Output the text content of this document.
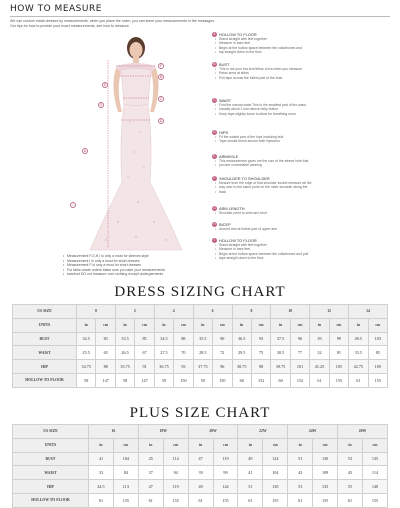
HOW TO MEASURE
We can custom made dresses by measurements, when you place the order, you can leave your measurements in the messages.
Our tips for how to provide your exact measurements, see how to measure.
A
B
C
D
E
F
G
I
A HOLLOW TO FLOOR
• Stand straight with feet together
• Measure in bare feet
• Begin at the hollow space between the collarbones and
• tap straight down to the floor
B BUST
• This is not your bra size!Wear a bra when you measure
• Relax arms at sides
• Pull tape across the fullest part of the bust
C WAIST
• Find the natural waist.This is the smallest part of the waist
• Usually about 1 inch above belly button
• Keep tape slightly loose to allow for breathing room
D HIPS
• Fit the widest part of the hips including butt
• Tape should brush across both hipbones
E ARMHOLE
• This measurement gives me the size of the sleeve hole that
• you are comfortable wearing
F SHOULDER TO SHOULDER
• Meaure from the edge of that shoulder socket measure all the
• way over to the same point on the other shoulder along the
• back
G ARM LENGTH
• Shoulder point to wrist arm bent
H BICEP
• Around arm at fullest part of upper arm
I	HOLLOW TO FLOOR
• Stand straight with feet together
• Measure in bare feet
• Begin at the hollow space between the collarbones and pull
• tape straight down to the floor
• Measurement F,G,H,I is only a must for sleeves style
• Measurement I is only a must for short dresses
• Measurement F is only a must for short dresses
• For tailor-made orders Make sure you take your measurements
• barefoot DO not measure over clothing except undergarments
DRESS SIZING CHART
US SIZE	0		2		4		6		8		10		12		14	
UNITS	in	cm	in	cm	in	cm	in	cm	in	cm	in	cm	in	cm	in	cm
BUST	32.5	83	33.5	85	34.5	88	35.5	90	36.5	93	37.5	96	39	99	40.5	103
WAIST	25.5	65	26.5	67	27.5	70	28.5	72	29.5	75	30.5	77	32	81	33.5	85
HIP	34.75	88	35.75	91	36.75	93	37.75	96	38.75	98	39.75	101	41.25	105	42.75	109
HOLLOW TO FLOOR	58	147	58	147	59	150	59	150	60	152	60	152	61	155	61	155
PLUS SIZE CHART
US SIZE	16		18W		20W		22W		24W		26W	
UNITS	in	cm	in	cm	in	cm	in	cm	in	cm	in	cm
BUST	41	104	45	114	47	119	49	124	51	130	53	135
WAIST	33	84	37	94	39	99	41	104	43	109	45	114
HIP	44.5	113	47	119	49	124	51	130	53	135	55	140
HOLLOW TO FLOOR	61	155	61	155	61	155	61	155	61	155	61	155
